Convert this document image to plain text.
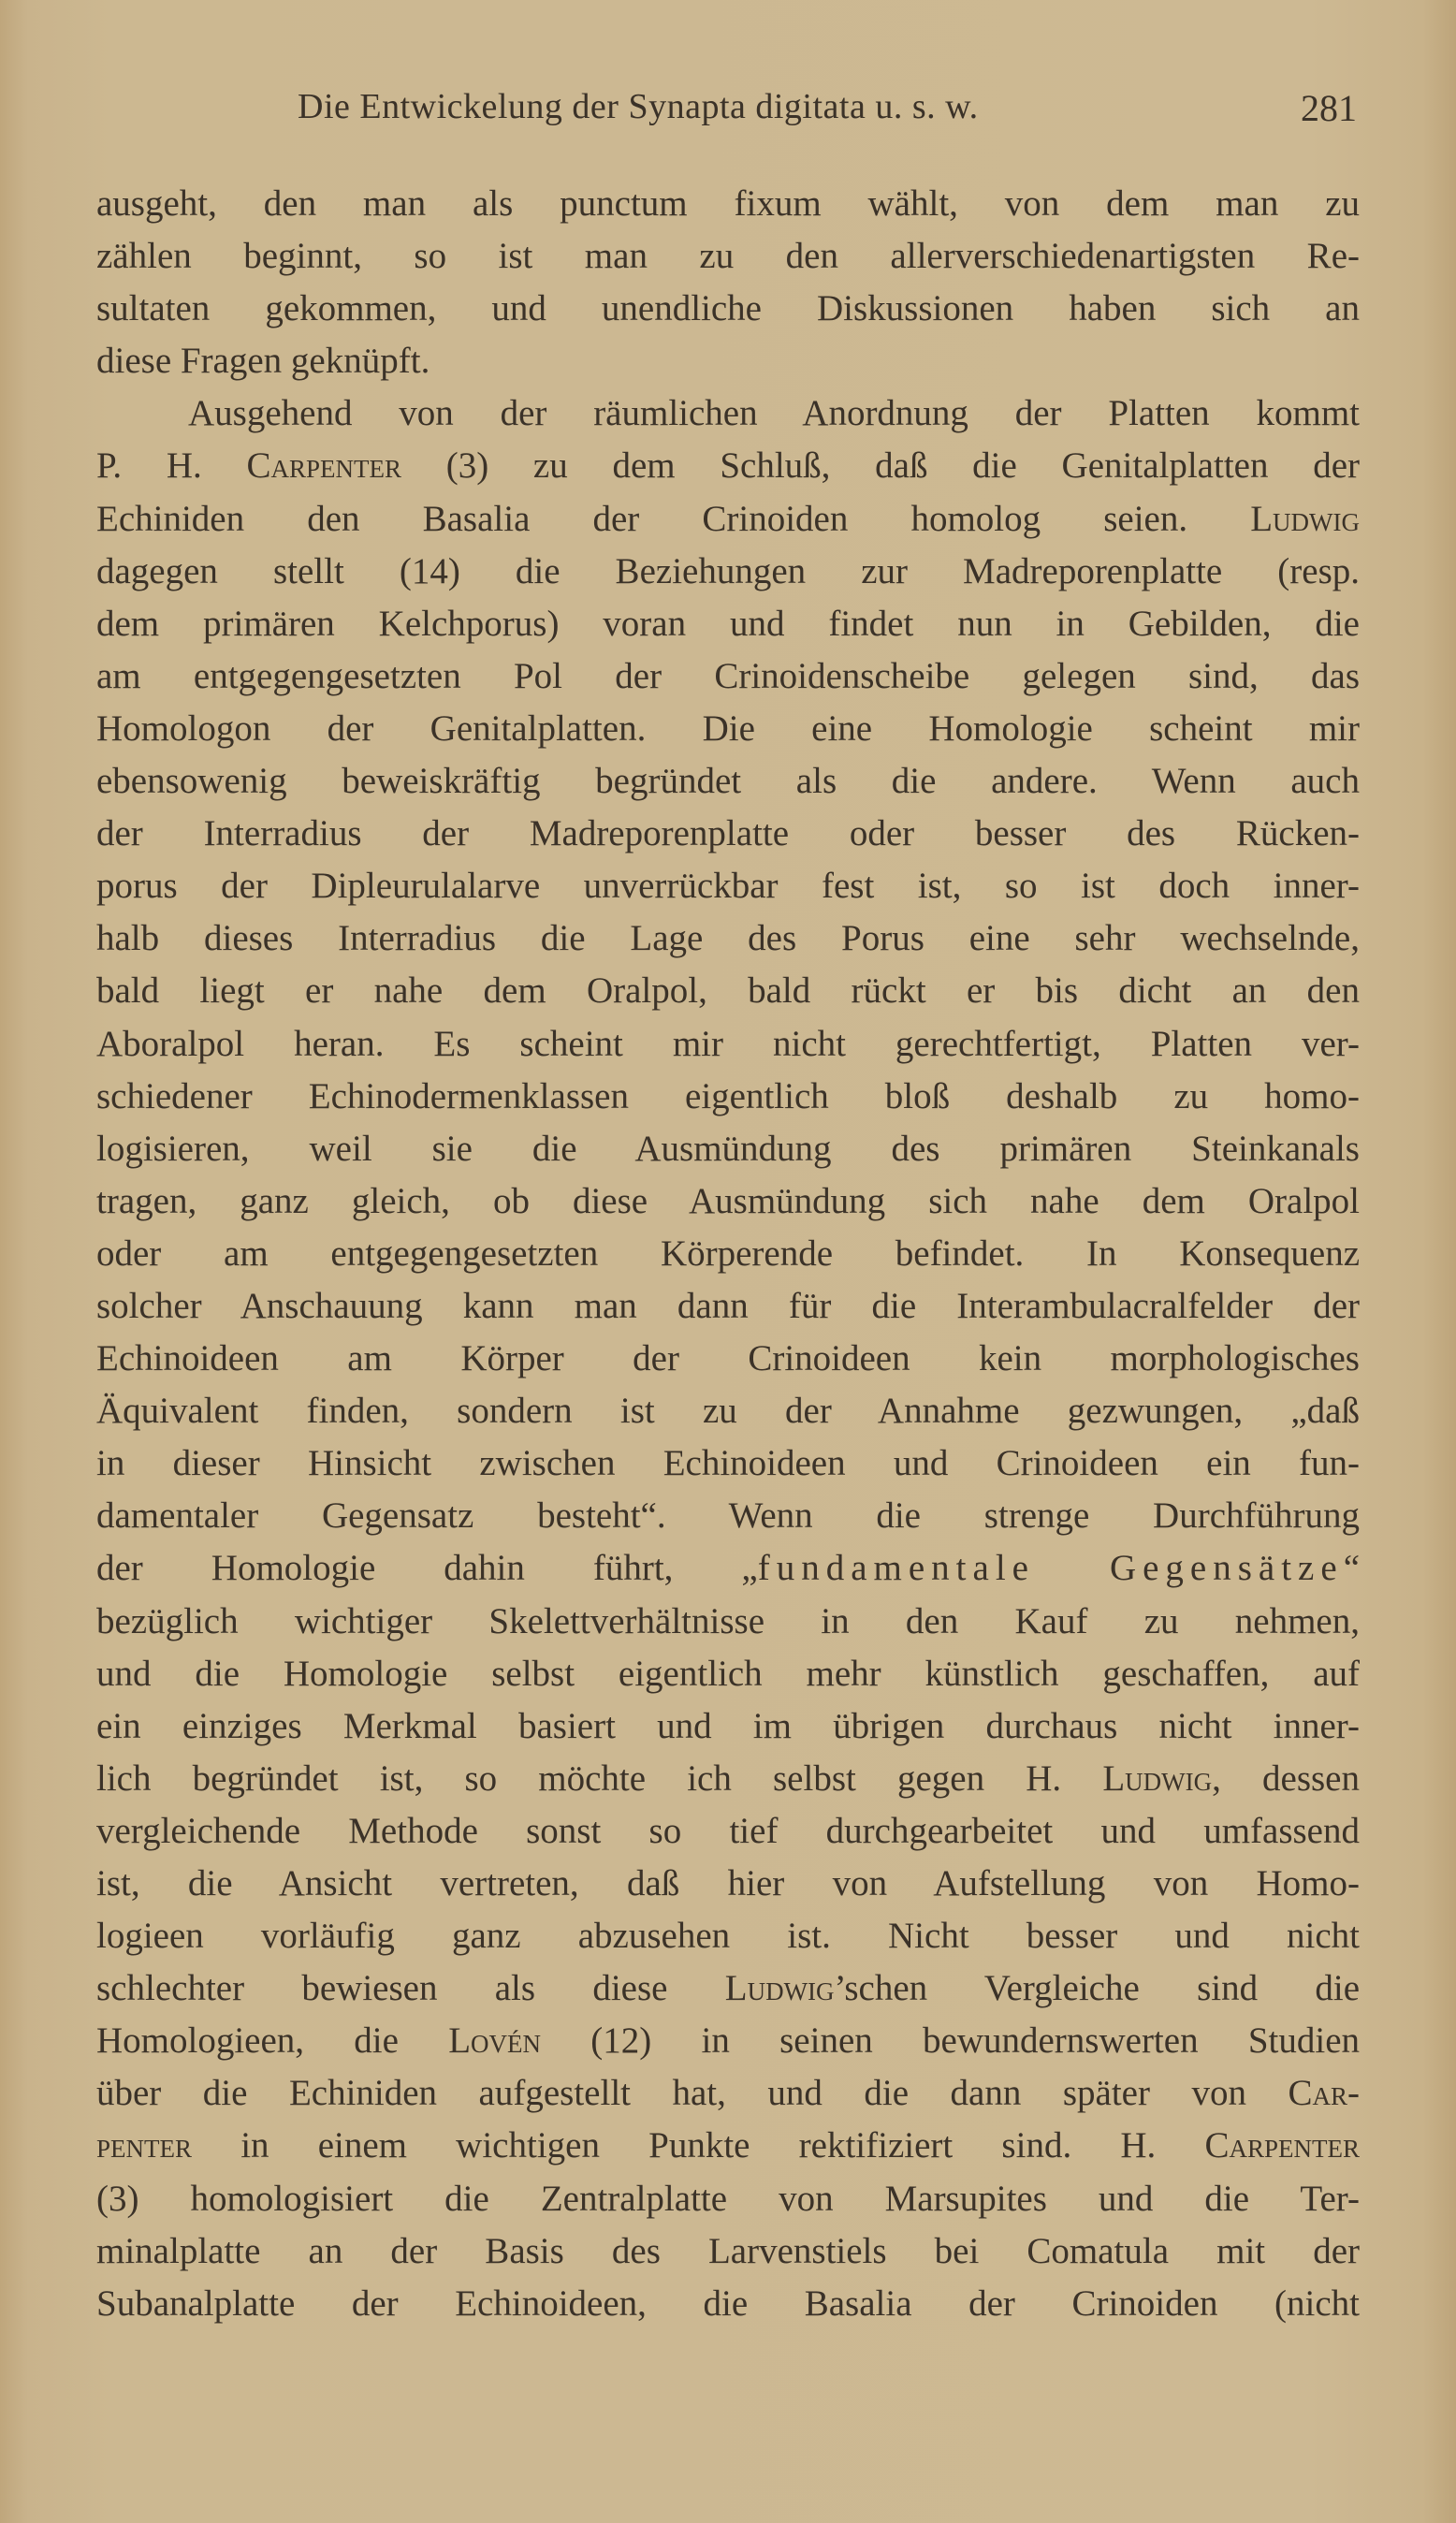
Die Entwickelung der Synapta digitata u. s. w.	281
ausgeht, den man als punctum fixum wählt, von dem man zu
zählen beginnt, so ist man zu den allerverschiedenartigsten Re-
sultaten gekommen, und unendliche Diskussionen haben sich an
diese Fragen geknüpft.
Ausgehend von der räumlichen Anordnung der Platten kommt
P. H. Carpenter (3) zu dem Schluß, daß die Genitalplatten der
Echiniden den Basalia der Crinoiden homolog seien. Ludwig
dagegen stellt (14) die Beziehungen zur Madreporenplatte (resp.
dem primären Kelchporus) voran und findet nun in Gebilden, die
am entgegengesetzten Pol der Crinoidenscheibe gelegen sind, das
Homologon der Genitalplatten. Die eine Homologie scheint mir
ebensowenig beweiskräftig begründet als die andere. Wenn auch
der Interradius der Madreporenplatte oder besser des Rücken-
porus der Dipleurulalarve unverrückbar fest ist, so ist doch inner-
halb dieses Interradius die Lage des Porus eine sehr wechselnde,
bald liegt er nahe dem Oralpol, bald rückt er bis dicht an den
Aboralpol heran. Es scheint mir nicht gerechtfertigt, Platten ver-
schiedener Echinodermenklassen eigentlich bloß deshalb zu homo-
logisieren, weil sie die Ausmündung des primären Steinkanals
tragen, ganz gleich, ob diese Ausmündung sich nahe dem Oralpol
oder am entgegengesetzten Körperende befindet. In Konsequenz
solcher Anschauung kann man dann für die Interambulacralfelder der
Echinoideen am Körper der Crinoideen kein morphologisches
Äquivalent finden, sondern ist zu der Annahme gezwungen, „daß
in dieser Hinsicht zwischen Echinoideen und Crinoideen ein fun-
damentaler Gegensatz besteht“. Wenn die strenge Durchführung
der Homologie dahin führt, „fundamentale Gegensätze“
bezüglich wichtiger Skelettverhältnisse in den Kauf zu nehmen,
und die Homologie selbst eigentlich mehr künstlich geschaffen, auf
ein einziges Merkmal basiert und im übrigen durchaus nicht inner-
lich begründet ist, so möchte ich selbst gegen H. Ludwig, dessen
vergleichende Methode sonst so tief durchgearbeitet und umfassend
ist, die Ansicht vertreten, daß hier von Aufstellung von Homo-
logieen vorläufig ganz abzusehen ist. Nicht besser und nicht
schlechter bewiesen als diese Ludwig’schen Vergleiche sind die
Homologieen, die Lovén (12) in seinen bewundernswerten Studien
über die Echiniden aufgestellt hat, und die dann später von Car-
penter in einem wichtigen Punkte rektifiziert sind. H. Carpenter
(3) homologisiert die Zentralplatte von Marsupites und die Ter-
minalplatte an der Basis des Larvenstiels bei Comatula mit der
Subanalplatte der Echinoideen, die Basalia der Crinoiden (nicht
